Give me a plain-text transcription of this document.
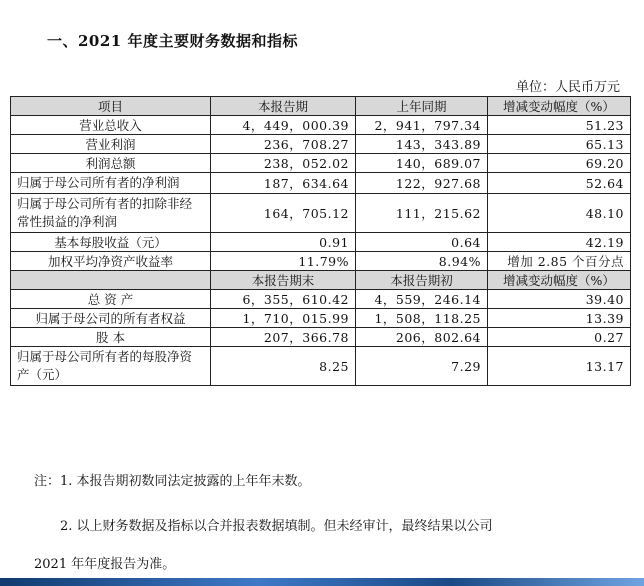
一、2021 年度主要财务数据和指标
单位：人民币万元
项目	本报告期	上年同期	增减变动幅度（%）
营业总收入	4，449，000.39	2，941，797.34	51.23
营业利润	236，708.27	143，343.89	65.13
利润总额	238，052.02	140，689.07	69.20
归属于母公司所有者的净利润	187，634.64	122，927.68	52.64
归属于母公司所有者的扣除非经常性损益的净利润	164，705.12	111，215.62	48.10
基本每股收益（元）	0.91	0.64	42.19
加权平均净资产收益率	11.79%	8.94%	增加 2.85 个百分点
	本报告期末	本报告期初	增减变动幅度（%）
总 资 产	6，355，610.42	4，559，246.14	39.40
归属于母公司的所有者权益	1，710，015.99	1，508，118.25	13.39
股 本	207，366.78	206，802.64	0.27
归属于母公司所有者的每股净资产（元）	8.25	7.29	13.17
注：1. 本报告期初数同法定披露的上年年末数。
2. 以上财务数据及指标以合并报表数据填制。但未经审计，最终结果以公司
2021 年年度报告为准。
